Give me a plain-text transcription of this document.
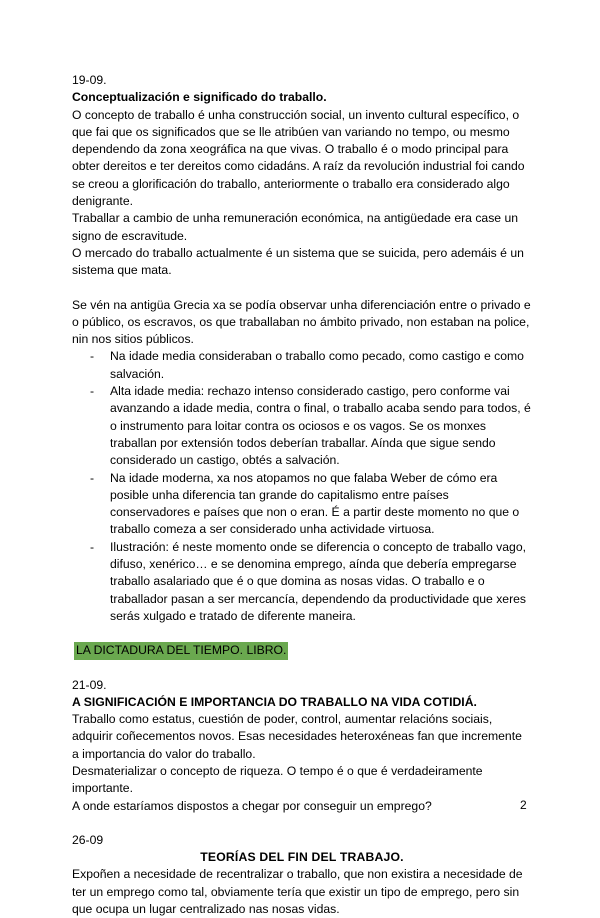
19-09.

Conceptualización e significado do traballo.

O concepto de traballo é unha construcción social, un invento cultural específico, o que fai que os significados que se lle atribúen van variando no tempo, ou mesmo dependendo da zona xeográfica na que vivas. O traballo é o modo principal para obter dereitos e ter dereitos como cidadáns. A raíz da revolución industrial foi cando se creou a glorificación do traballo, anteriormente o traballo era considerado algo denigrante.

Traballar a cambio de unha remuneración económica, na antigüedade era case un signo de escravitude.

O mercado do traballo actualmente é un sistema que se suicida, pero ademáis é un sistema que mata.

Se vén na antigüa Grecia xa se podía observar unha diferenciación entre o privado e o público, os escravos, os que traballaban no ámbito privado, non estaban na police, nin nos sitios públicos.

- Na idade media consideraban o traballo como pecado, como castigo e como salvación.
- Alta idade media: rechazo intenso considerado castigo, pero conforme vai avanzando a idade media, contra o final, o traballo acaba sendo para todos, é o instrumento para loitar contra os ociosos e os vagos. Se os monxes traballan por extensión todos deberían traballar. Aínda que sigue sendo considerado un castigo, obtés a salvación.
- Na idade moderna, xa nos atopamos no que falaba Weber de cómo era posible unha diferencia tan grande do capitalismo entre países conservadores e países que non o eran. É a partir deste momento no que o traballo comeza a ser considerado unha actividade virtuosa.
- Ilustración: é neste momento onde se diferencia o concepto de traballo vago, difuso, xenérico… e se denomina emprego, aínda que debería empregarse traballo asalariado que é o que domina as nosas vidas. O traballo e o traballador pasan a ser mercancía, dependendo da productividade que xeres serás xulgado e tratado de diferente maneira.

LA DICTADURA DEL TIEMPO. LIBRO.

21-09.

A SIGNIFICACIÓN E IMPORTANCIA DO TRABALLO NA VIDA COTIDIÁ.

Traballo como estatus, cuestión de poder, control, aumentar relacións sociais, adquirir coñecementos novos. Esas necesidades heteroxéneas fan que incremente a importancia do valor do traballo.

Desmaterializar o concepto de riqueza. O tempo é o que é verdadeiramente importante.

A onde estaríamos dispostos a chegar por conseguir un emprego?

26-09

TEORÍAS DEL FIN DEL TRABAJO.

Expoñen a necesidade de recentralizar o traballo, que non existira a necesidade de ter un emprego como tal, obviamente tería que existir un tipo de emprego, pero sin que ocupa un lugar centralizado nas nosas vidas.

2
